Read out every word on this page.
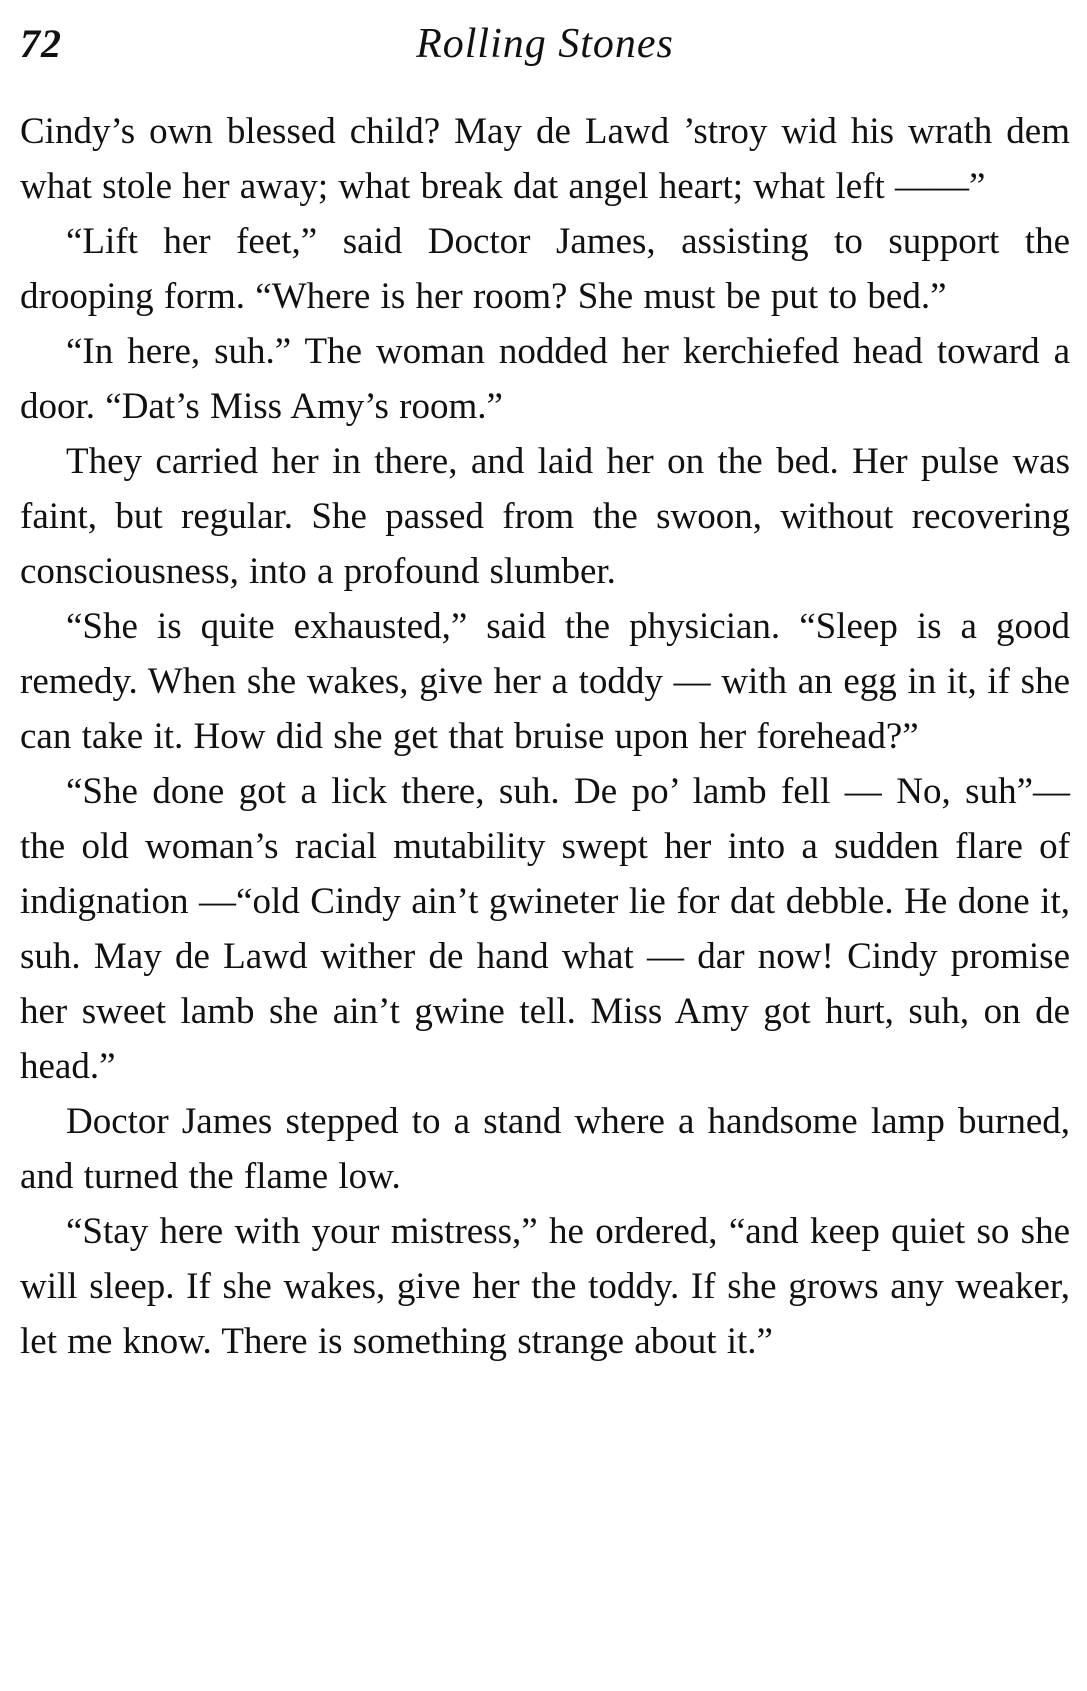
72	Rolling Stones

Cindy’s own blessed child? May de Lawd ’stroy wid his wrath dem what stole her away; what break dat angel heart; what left ——”

“Lift her feet,” said Doctor James, assisting to support the drooping form. “Where is her room? She must be put to bed.”

“In here, suh.” The woman nodded her kerchiefed head toward a door. “Dat’s Miss Amy’s room.”

They carried her in there, and laid her on the bed. Her pulse was faint, but regular. She passed from the swoon, without recovering consciousness, into a profound slumber.

“She is quite exhausted,” said the physician. “Sleep is a good remedy. When she wakes, give her a toddy — with an egg in it, if she can take it. How did she get that bruise upon her forehead?”

“She done got a lick there, suh. De po’ lamb fell — No, suh”— the old woman’s racial mutability swept her into a sudden flare of indignation —“old Cindy ain’t gwineter lie for dat debble. He done it, suh. May de Lawd wither de hand what — dar now! Cindy promise her sweet lamb she ain’t gwine tell. Miss Amy got hurt, suh, on de head.”

Doctor James stepped to a stand where a handsome lamp burned, and turned the flame low.

“Stay here with your mistress,” he ordered, “and keep quiet so she will sleep. If she wakes, give her the toddy. If she grows any weaker, let me know. There is something strange about it.”
